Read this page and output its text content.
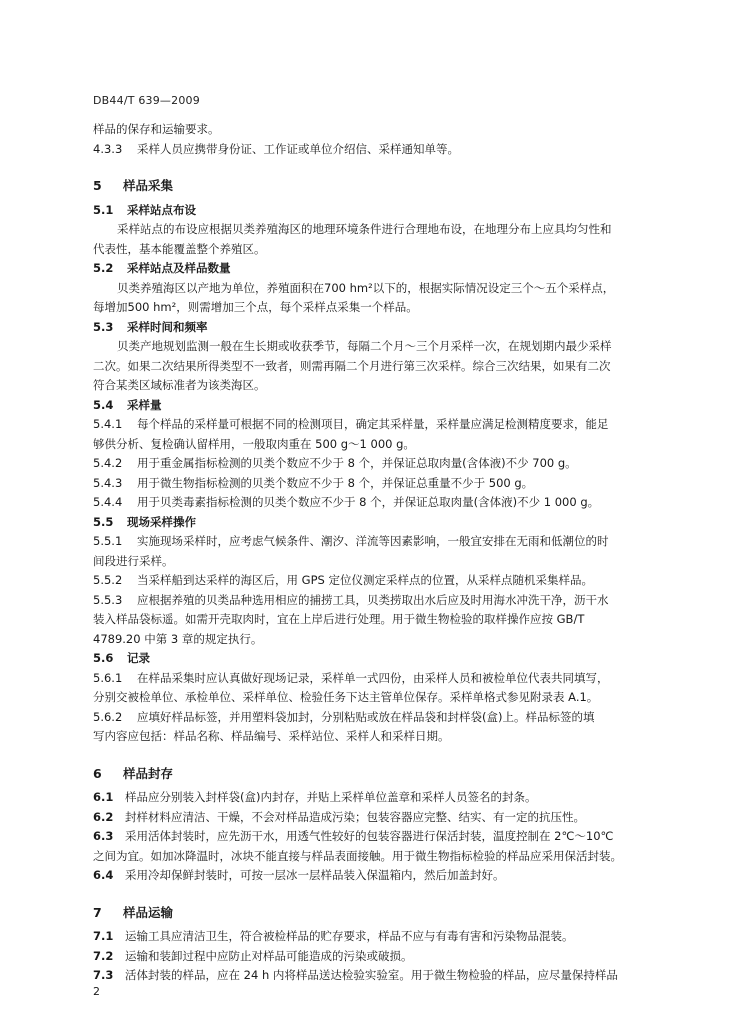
DB44/T 639—2009

样品的保存和运输要求。

4.3.3 采样人员应携带身份证、工作证或单位介绍信、采样通知单等。

5 样品采集

5.1 采样站点布设

采样站点的布设应根据贝类养殖海区的地理环境条件进行合理地布设，在地理分布上应具均匀性和

代表性，基本能覆盖整个养殖区。

5.2 采样站点及样品数量

贝类养殖海区以产地为单位，养殖面积在700 hm²以下的，根据实际情况设定三个～五个采样点，

每增加500 hm²，则需增加三个点，每个采样点采集一个样品。

5.3 采样时间和频率

贝类产地规划监测一般在生长期或收获季节，每隔二个月～三个月采样一次，在规划期内最少采样

二次。如果二次结果所得类型不一致者，则需再隔二个月进行第三次采样。综合三次结果，如果有二次

符合某类区域标准者为该类海区。

5.4 采样量

5.4.1 每个样品的采样量可根据不同的检测项目，确定其采样量，采样量应满足检测精度要求，能足

够供分析、复检确认留样用，一般取肉重在 500 g～1 000 g。

5.4.2 用于重金属指标检测的贝类个数应不少于 8 个，并保证总取肉量(含体液)不少 700 g。

5.4.3 用于微生物指标检测的贝类个数应不少于 8 个，并保证总重量不少于 500 g。

5.4.4 用于贝类毒素指标检测的贝类个数应不少于 8 个，并保证总取肉量(含体液)不少 1 000 g。

5.5 现场采样操作

5.5.1 实施现场采样时，应考虑气候条件、潮汐、洋流等因素影响，一般宜安排在无雨和低潮位的时

间段进行采样。

5.5.2 当采样船到达采样的海区后，用 GPS 定位仪测定采样点的位置，从采样点随机采集样品。

5.5.3 应根据养殖的贝类品种选用相应的捕捞工具，贝类捞取出水后应及时用海水冲洗干净，沥干水

装入样品袋标遥。如需开壳取肉时，宜在上岸后进行处理。用于微生物检验的取样操作应按 GB/T

4789.20 中第 3 章的规定执行。

5.6 记录

5.6.1 在样品采集时应认真做好现场记录，采样单一式四份，由采样人员和被检单位代表共同填写，

分别交被检单位、承检单位、采样单位、检验任务下达主管单位保存。采样单格式参见附录表 A.1。

5.6.2 应填好样品标签，并用塑料袋加封，分别粘贴或放在样品袋和封样袋(盒)上。样品标签的填

写内容应包括：样品名称、样品编号、采样站位、采样人和采样日期。

6 样品封存

6.1 样品应分别装入封样袋(盒)内封存，并贴上采样单位盖章和采样人员签名的封条。

6.2 封样材料应清洁、干燥，不会对样品造成污染；包装容器应完整、结实、有一定的抗压性。

6.3 采用活体封装时，应先沥干水，用透气性较好的包装容器进行保活封装，温度控制在 2℃～10℃

之间为宜。如加冰降温时，冰块不能直接与样品表面接触。用于微生物指标检验的样品应采用保活封装。

6.4 采用冷却保鲜封装时，可按一层冰一层样品装入保温箱内，然后加盖封好。

7 样品运输

7.1 运输工具应清洁卫生，符合被检样品的贮存要求，样品不应与有毒有害和污染物品混装。

7.2 运输和装卸过程中应防止对样品可能造成的污染或破损。

7.3 活体封装的样品，应在 24 h 内将样品送达检验实验室。用于微生物检验的样品，应尽量保持样品

2
